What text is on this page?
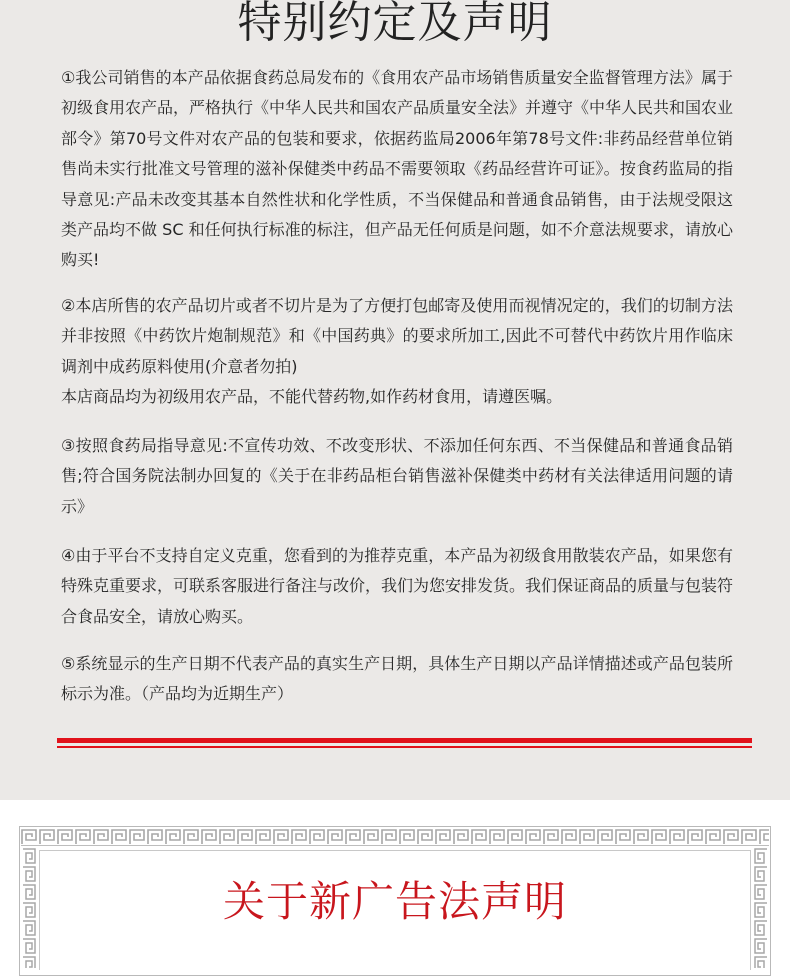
特别约定及声明

①我公司销售的本产品依据食药总局发布的《食用农产品市场销售质量安全监督管理方法》属于初级食用农产品，严格执行《中华人民共和国农产品质量安全法》并遵守《中华人民共和国农业部令》第70号文件对农产品的包装和要求，依据药监局2006年第78号文件:非药品经营单位销售尚未实行批准文号管理的滋补保健类中药品不需要领取《药品经营许可证》。按食药监局的指导意见:产品未改变其基本自然性状和化学性质，不当保健品和普通食品销售，由于法规受限这类产品均不做 SC 和任何执行标准的标注，但产品无任何质是问题，如不介意法规要求，请放心购买!

②本店所售的农产品切片或者不切片是为了方便打包邮寄及使用而视情况定的，我们的切制方法并非按照《中药饮片炮制规范》和《中国药典》的要求所加工,因此不可替代中药饮片用作临床调剂中成药原料使用(介意者勿拍)
本店商品均为初级用农产品，不能代替药物,如作药材食用，请遵医嘱。

③按照食药局指导意见:不宣传功效、不改变形状、不添加任何东西、不当保健品和普通食品销售;符合国务院法制办回复的《关于在非药品柜台销售滋补保健类中药材有关法律适用问题的请示》

④由于平台不支持自定义克重，您看到的为推荐克重，本产品为初级食用散装农产品，如果您有特殊克重要求，可联系客服进行备注与改价，我们为您安排发货。我们保证商品的质量与包装符合食品安全，请放心购买。

⑤系统显示的生产日期不代表产品的真实生产日期，具体生产日期以产品详情描述或产品包装所标示为准。（产品均为近期生产）

关于新广告法声明
